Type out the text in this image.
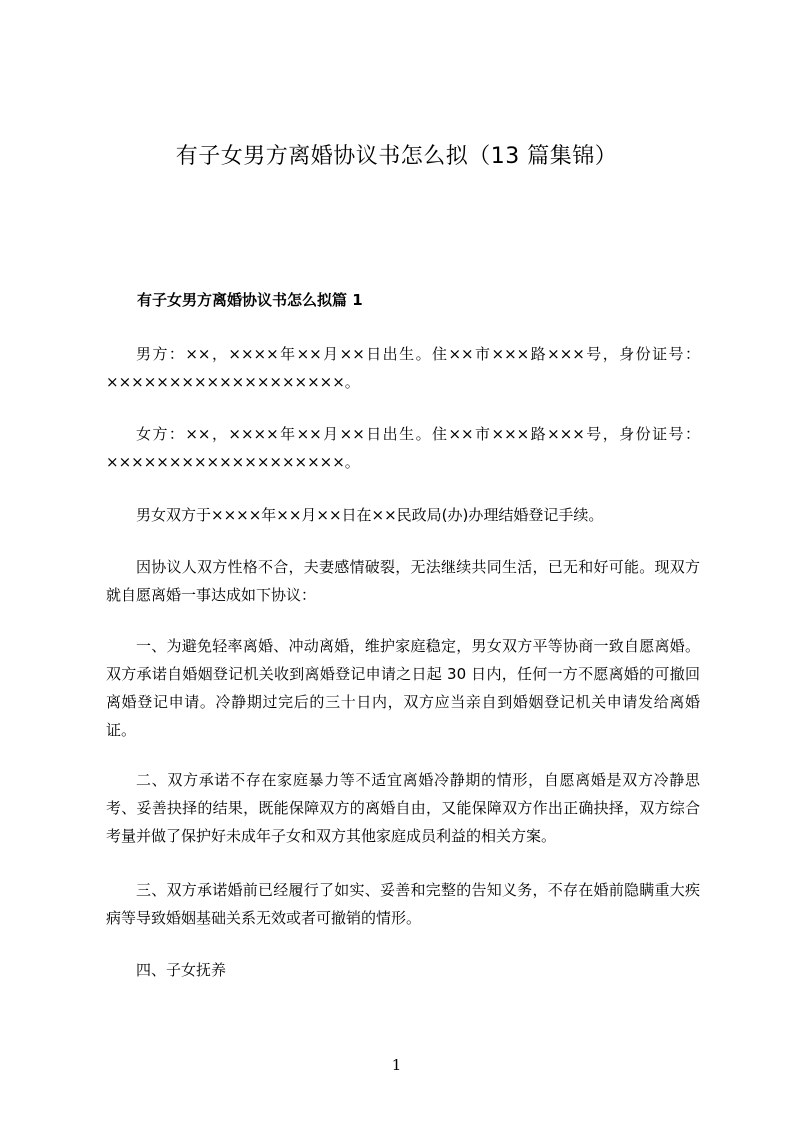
有子女男方离婚协议书怎么拟（13 篇集锦）
有子女男方离婚协议书怎么拟篇 1

男方：××，××××年××月××日出生。住××市×××路×××号，身份证号：×××××××××××××××××××。

女方：××，××××年××月××日出生。住××市×××路×××号，身份证号：×××××××××××××××××××。

男女双方于××××年××月××日在××民政局(办)办理结婚登记手续。

因协议人双方性格不合，夫妻感情破裂，无法继续共同生活，已无和好可能。现双方就自愿离婚一事达成如下协议：

一、为避免轻率离婚、冲动离婚，维护家庭稳定，男女双方平等协商一致自愿离婚。双方承诺自婚姻登记机关收到离婚登记申请之日起 30 日内，任何一方不愿离婚的可撤回离婚登记申请。冷静期过完后的三十日内，双方应当亲自到婚姻登记机关申请发给离婚证。

二、双方承诺不存在家庭暴力等不适宜离婚冷静期的情形，自愿离婚是双方冷静思考、妥善抉择的结果，既能保障双方的离婚自由，又能保障双方作出正确抉择，双方综合考量并做了保护好未成年子女和双方其他家庭成员利益的相关方案。

三、双方承诺婚前已经履行了如实、妥善和完整的告知义务，不存在婚前隐瞒重大疾病等导致婚姻基础关系无效或者可撤销的情形。

四、子女抚养

1
